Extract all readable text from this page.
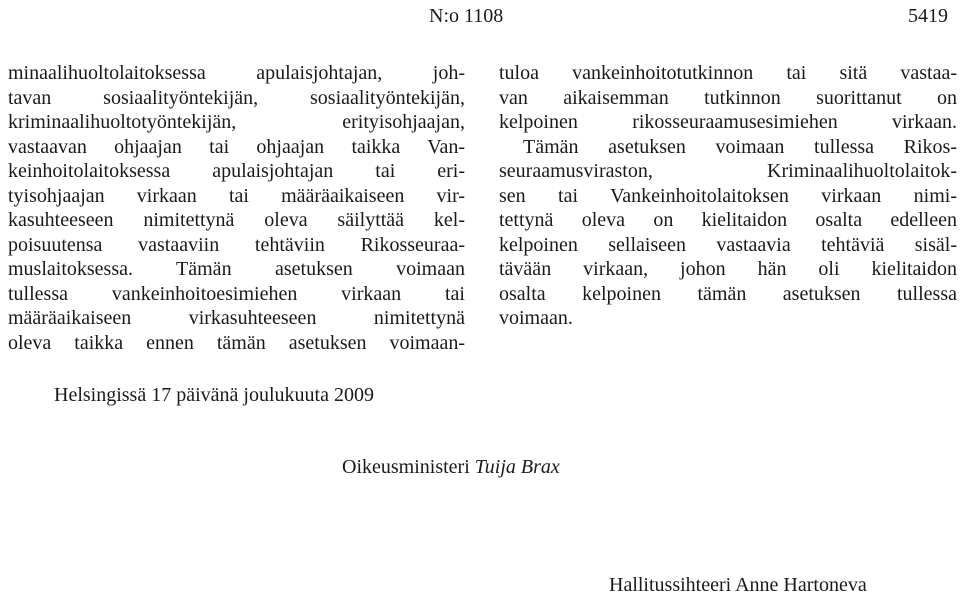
N:o 1108	5419
minaalihuoltolaitoksessa apulaisjohtajan, joh-
tavan sosiaalityöntekijän, sosiaalityöntekijän,
kriminaalihuoltotyöntekijän, erityisohjaajan,
vastaavan ohjaajan tai ohjaajan taikka Van-
keinhoitolaitoksessa apulaisjohtajan tai eri-
tyisohjaajan virkaan tai määräaikaiseen vir-
kasuhteeseen nimitettynä oleva säilyttää kel-
poisuutensa vastaaviin tehtäviin Rikosseuraa-
muslaitoksessa. Tämän asetuksen voimaan
tullessa vankeinhoitoesimiehen virkaan tai
määräaikaiseen virkasuhteeseen nimitettynä
oleva taikka ennen tämän asetuksen voimaan-
tuloa vankeinhoitotutkinnon tai sitä vastaa-
van aikaisemman tutkinnon suorittanut on
kelpoinen rikosseuraamusesimiehen virkaan.
Tämän asetuksen voimaan tullessa Rikos-
seuraamusviraston, Kriminaalihuoltolaitok-
sen tai Vankeinhoitolaitoksen virkaan nimi-
tettynä oleva on kielitaidon osalta edelleen
kelpoinen sellaiseen vastaavia tehtäviä sisäl-
tävään virkaan, johon hän oli kielitaidon
osalta kelpoinen tämän asetuksen tullessa
voimaan.
Helsingissä 17 päivänä joulukuuta 2009
Oikeusministeri Tuija Brax
Hallitussihteeri Anne Hartoneva
